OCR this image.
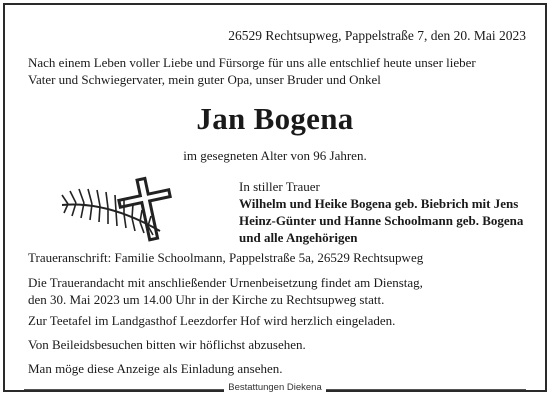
26529 Rechtsupweg, Pappelstraße 7, den 20. Mai 2023
Nach einem Leben voller Liebe und Fürsorge für uns alle entschlief heute unser lieber
Vater und Schwiegervater, mein guter Opa, unser Bruder und Onkel
Jan Bogena
im gesegneten Alter von 96 Jahren.
In stiller Trauer
Wilhelm und Heike Bogena geb. Biebrich mit Jens
Heinz-Günter und Hanne Schoolmann geb. Bogena
und alle Angehörigen
Traueranschrift: Familie Schoolmann, Pappelstraße 5a, 26529 Rechtsupweg
Die Trauerandacht mit anschließender Urnenbeisetzung findet am Dienstag,
den 30. Mai 2023 um 14.00 Uhr in der Kirche zu Rechtsupweg statt.
Zur Teetafel im Landgasthof Leezdorfer Hof wird herzlich eingeladen.
Von Beileidsbesuchen bitten wir höflichst abzusehen.
Man möge diese Anzeige als Einladung ansehen.
Bestattungen Diekena
